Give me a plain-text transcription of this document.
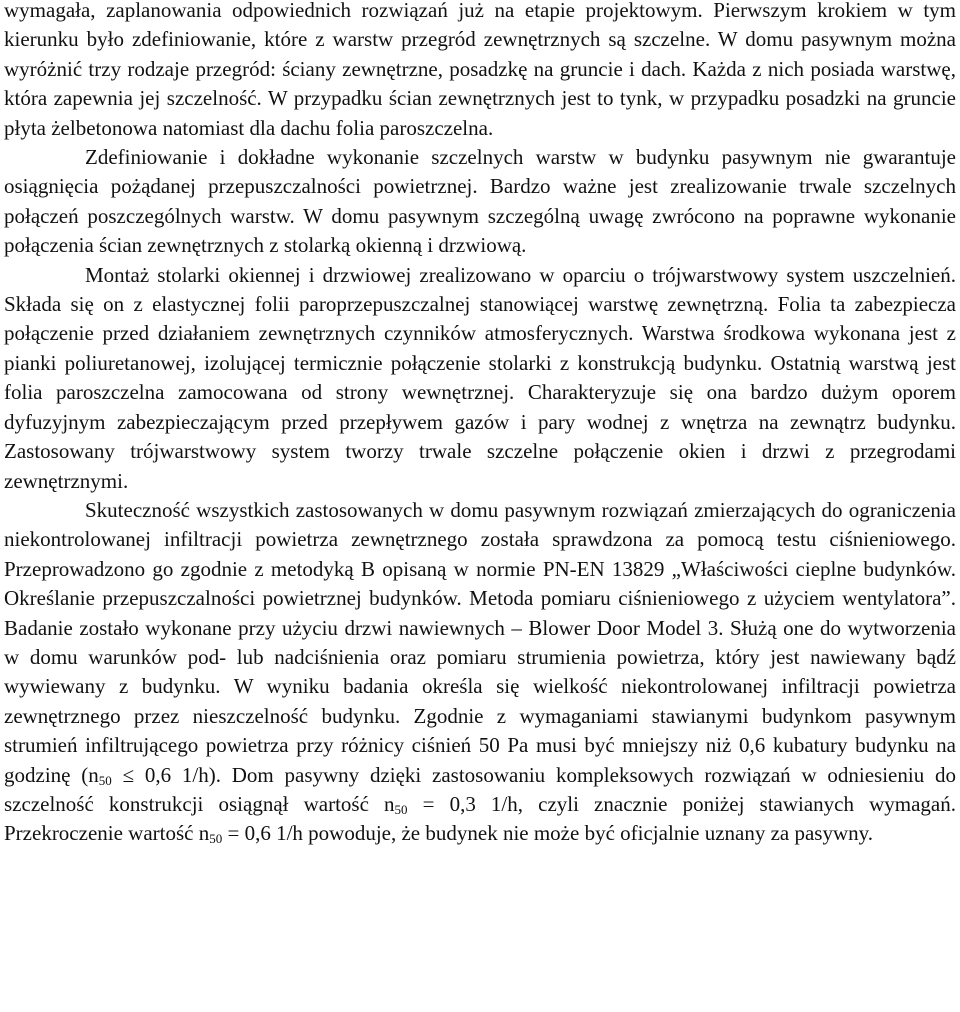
wymagała, zaplanowania odpowiednich rozwiązań już na etapie projektowym. Pierwszym krokiem w tym kierunku było zdefiniowanie, które z warstw przegród zewnętrznych są szczelne. W domu pasywnym można wyróżnić trzy rodzaje przegród: ściany zewnętrzne, posadzkę na gruncie i dach. Każda z nich posiada warstwę, która zapewnia jej szczelność. W przypadku ścian zewnętrznych jest to tynk, w przypadku posadzki na gruncie płyta żelbetonowa natomiast dla dachu folia paroszczelna.

Zdefiniowanie i dokładne wykonanie szczelnych warstw w budynku pasywnym nie gwarantuje osiągnięcia pożądanej przepuszczalności powietrznej. Bardzo ważne jest zrealizowanie trwale szczelnych połączeń poszczególnych warstw. W domu pasywnym szczególną uwagę zwrócono na poprawne wykonanie połączenia ścian zewnętrznych z stolarką okienną i drzwiową.

Montaż stolarki okiennej i drzwiowej zrealizowano w oparciu o trójwarstwowy system uszczelnień. Składa się on z elastycznej folii paroprzepuszczalnej stanowiącej warstwę zewnętrzną. Folia ta zabezpiecza połączenie przed działaniem zewnętrznych czynników atmosferycznych. Warstwa środkowa wykonana jest z pianki poliuretanowej, izolującej termicznie połączenie stolarki z konstrukcją budynku. Ostatnią warstwą jest folia paroszczelna zamocowana od strony wewnętrznej. Charakteryzuje się ona bardzo dużym oporem dyfuzyjnym zabezpieczającym przed przepływem gazów i pary wodnej z wnętrza na zewnątrz budynku. Zastosowany trójwarstwowy system tworzy trwale szczelne połączenie okien i drzwi z przegrodami zewnętrznymi.

Skuteczność wszystkich zastosowanych w domu pasywnym rozwiązań zmierzających do ograniczenia niekontrolowanej infiltracji powietrza zewnętrznego została sprawdzona za pomocą testu ciśnieniowego. Przeprowadzono go zgodnie z metodyką B opisaną w normie PN-EN 13829 „Właściwości cieplne budynków. Określanie przepuszczalności powietrznej budynków. Metoda pomiaru ciśnieniowego z użyciem wentylatora”. Badanie zostało wykonane przy użyciu drzwi nawiewnych – Blower Door Model 3. Służą one do wytworzenia w domu warunków pod- lub nadciśnienia oraz pomiaru strumienia powietrza, który jest nawiewany bądź wywiewany z budynku. W wyniku badania określa się wielkość niekontrolowanej infiltracji powietrza zewnętrznego przez nieszczelność budynku. Zgodnie z wymaganiami stawianymi budynkom pasywnym strumień infiltrującego powietrza przy różnicy ciśnień 50 Pa musi być mniejszy niż 0,6 kubatury budynku na godzinę ($n_{50} \le 0,6$ 1/h). Dom pasywny dzięki zastosowaniu kompleksowych rozwiązań w odniesieniu do szczelność konstrukcji osiągnął wartość $n_{50} = 0,3$ 1/h, czyli znacznie poniżej stawianych wymagań. Przekroczenie wartość $n_{50} = 0,6$ 1/h powoduje, że budynek nie może być oficjalnie uznany za pasywny.
